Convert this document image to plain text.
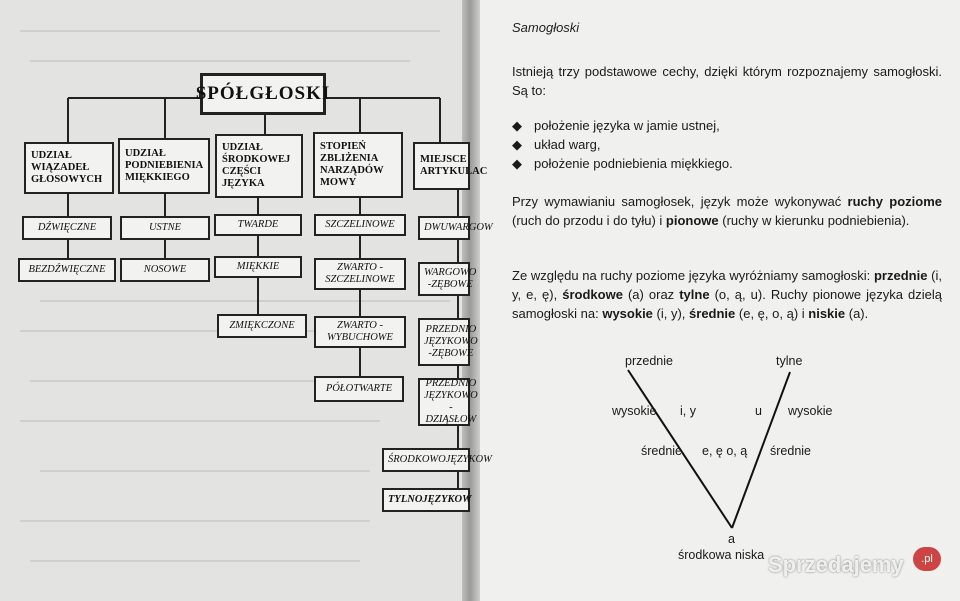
SPÓŁGŁOSKI
UDZIAŁ WIĄZADEŁ GŁOSOWYCH
UDZIAŁ PODNIEBIENIA MIĘKKIEGO
UDZIAŁ ŚRODKOWEJ CZĘŚCI JĘZYKA
STOPIEŃ ZBLIŻENIA NARZĄDÓW MOWY
MIEJSCE ARTYKULAC
DŹWIĘCZNE
BEZDŹWIĘCZNE
USTNE
NOSOWE
TWARDE
MIĘKKIE
ZMIĘKCZONE
SZCZELINOWE
ZWARTO -SZCZELINOWE
ZWARTO -WYBUCHOWE
PÓŁOTWARTE
DWUWARGOW
WARGOWO -ZĘBOWE
PRZEDNIO JĘZYKOWO -ZĘBOWE
PRZEDNIO JĘZYKOWO -DZIĄSŁOW
ŚRODKOWOJĘZYKOW
TYLNOJĘZYKOW
Samogłoski
Istnieją trzy podstawowe cechy, dzięki którym rozpoznajemy samogłoski. Są to:
◆ położenie języka w jamie ustnej,
◆ układ warg,
◆ położenie podniebienia miękkiego.
Przy wymawianiu samogłosek, język może wykonywać ruchy poziome (ruch do przodu i do tyłu) i pionowe (ruchy w kierunku podniebienia).
Ze względu na ruchy poziome języka wyróżniamy samogłoski: przednie (i, y, e, ę), środkowe (a) oraz tylne (o, ą, u). Ruchy pionowe języka dzielą samogłoski na: wysokie (i, y), średnie (e, ę, o, ą) i niskie (a).
przednie	tylne
wysokie i, y	u wysokie
średnie e, ę o, ą średnie
a
środkowa niska Sprzedajemy	.pl
